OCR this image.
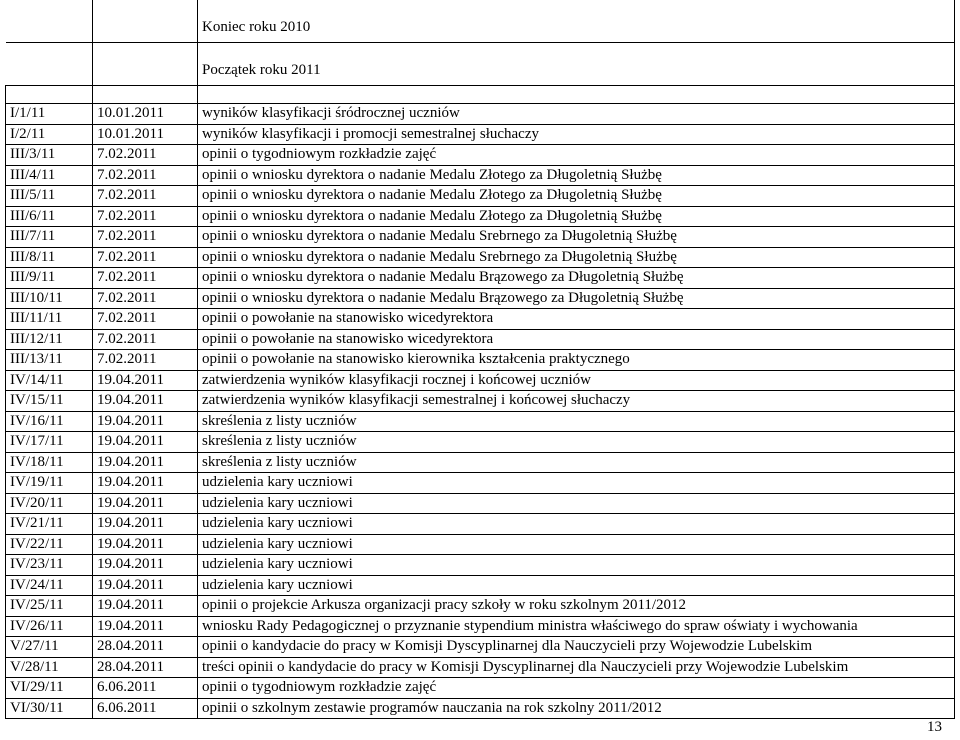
		Koniec roku 2010
		Początek roku 2011

I/1/11	10.01.2011	wyników klasyfikacji śródrocznej uczniów
I/2/11	10.01.2011	wyników klasyfikacji i promocji semestralnej słuchaczy
III/3/11	7.02.2011	opinii o tygodniowym rozkładzie zajęć
III/4/11	7.02.2011	opinii o wniosku dyrektora o nadanie Medalu Złotego za Długoletnią Służbę
III/5/11	7.02.2011	opinii o wniosku dyrektora o nadanie Medalu Złotego za Długoletnią Służbę
III/6/11	7.02.2011	opinii o wniosku dyrektora o nadanie Medalu Złotego za Długoletnią Służbę
III/7/11	7.02.2011	opinii o wniosku dyrektora o nadanie Medalu Srebrnego za Długoletnią Służbę
III/8/11	7.02.2011	opinii o wniosku dyrektora o nadanie Medalu Srebrnego za Długoletnią Służbę
III/9/11	7.02.2011	opinii o wniosku dyrektora o nadanie Medalu Brązowego za Długoletnią Służbę
III/10/11	7.02.2011	opinii o wniosku dyrektora o nadanie Medalu Brązowego za Długoletnią Służbę
III/11/11	7.02.2011	opinii o powołanie na stanowisko wicedyrektora
III/12/11	7.02.2011	opinii o powołanie na stanowisko wicedyrektora
III/13/11	7.02.2011	opinii o powołanie na stanowisko kierownika kształcenia praktycznego
IV/14/11	19.04.2011	zatwierdzenia wyników klasyfikacji rocznej i końcowej uczniów
IV/15/11	19.04.2011	zatwierdzenia wyników klasyfikacji semestralnej i końcowej słuchaczy
IV/16/11	19.04.2011	skreślenia z listy uczniów
IV/17/11	19.04.2011	skreślenia z listy uczniów
IV/18/11	19.04.2011	skreślenia z listy uczniów
IV/19/11	19.04.2011	udzielenia kary uczniowi
IV/20/11	19.04.2011	udzielenia kary uczniowi
IV/21/11	19.04.2011	udzielenia kary uczniowi
IV/22/11	19.04.2011	udzielenia kary uczniowi
IV/23/11	19.04.2011	udzielenia kary uczniowi
IV/24/11	19.04.2011	udzielenia kary uczniowi
IV/25/11	19.04.2011	opinii o projekcie Arkusza organizacji pracy szkoły w roku szkolnym 2011/2012
IV/26/11	19.04.2011	wniosku Rady Pedagogicznej o przyznanie stypendium ministra właściwego do spraw oświaty i wychowania
V/27/11	28.04.2011	opinii o kandydacie do pracy w Komisji Dyscyplinarnej dla Nauczycieli przy Wojewodzie Lubelskim
V/28/11	28.04.2011	treści opinii o kandydacie do pracy w Komisji Dyscyplinarnej dla Nauczycieli przy Wojewodzie Lubelskim
VI/29/11	6.06.2011	opinii o tygodniowym rozkładzie zajęć
VI/30/11	6.06.2011	opinii o szkolnym zestawie programów nauczania na rok szkolny 2011/2012
13
